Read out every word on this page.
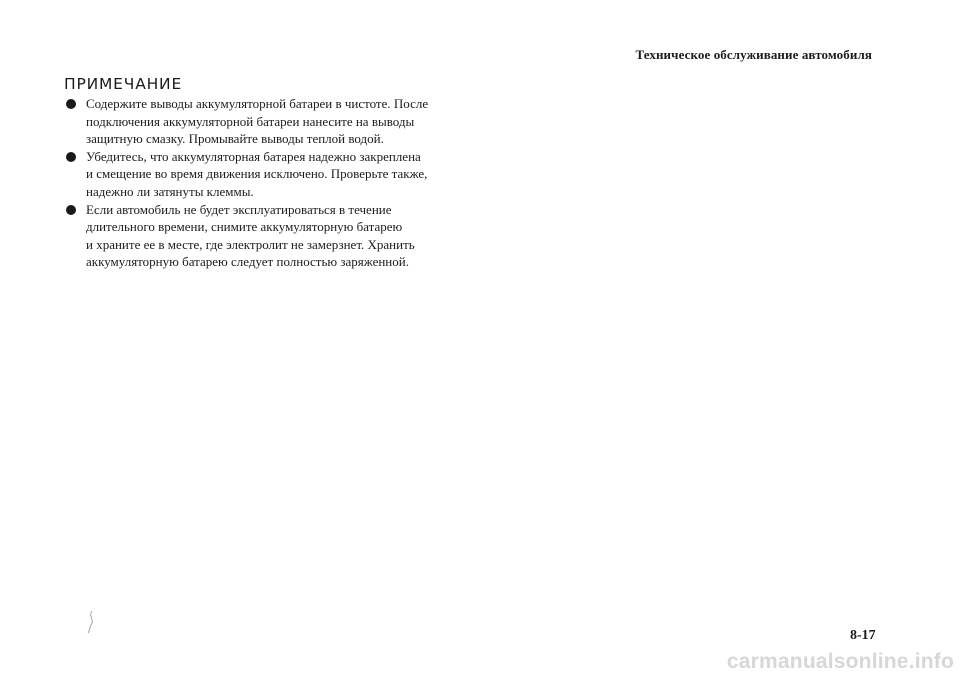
Техническое обслуживание автомобиля
ПРИМЕЧАНИЕ
Содержите выводы аккумуляторной батареи в чистоте. После
подключения аккумуляторной батареи нанесите на выводы
защитную смазку. Промывайте выводы теплой водой.
Убедитесь, что аккумуляторная батарея надежно закреплена
и смещение во время движения исключено. Проверьте также,
надежно ли затянуты клеммы.
Если автомобиль не будет эксплуатироваться в течение
длительного времени, снимите аккумуляторную батарею
и храните ее в месте, где электролит не замерзнет. Хранить
аккумуляторную батарею следует полностью заряженной.
8-17
carmanualsonline.info
